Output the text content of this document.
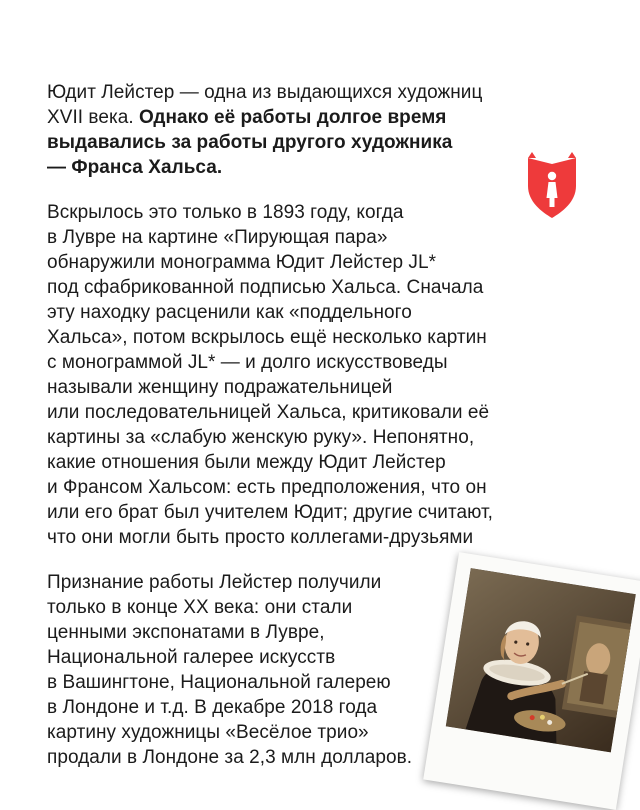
Юдит Лейстер — одна из выдающихся художниц
XVII века. Однако её работы долгое время
выдавались за работы другого художника
— Франса Хальса.
Вскрылось это только в 1893 году, когда
в Лувре на картине «Пирующая пара»
обнаружили монограмма Юдит Лейстер JL*
под сфабрикованной подписью Хальса. Сначала
эту находку расценили как «поддельного
Хальса», потом вскрылось ещё несколько картин
с монограммой JL* — и долго искусствоведы
называли женщину подражательницей
или последовательницей Хальса, критиковали её
картины за «слабую женскую руку». Непонятно,
какие отношения были между Юдит Лейстер
и Франсом Хальсом: есть предположения, что он
или его брат был учителем Юдит; другие считают,
что они могли быть просто коллегами-друзьями
Признание работы Лейстер получили
только в конце XX века: они стали
ценными экспонатами в Лувре,
Национальной галерее искусств
в Вашингтоне, Национальной галерею
в Лондоне и т.д. В декабре 2018 года
картину художницы «Весёлое трио»
продали в Лондоне за 2,3 млн долларов.
